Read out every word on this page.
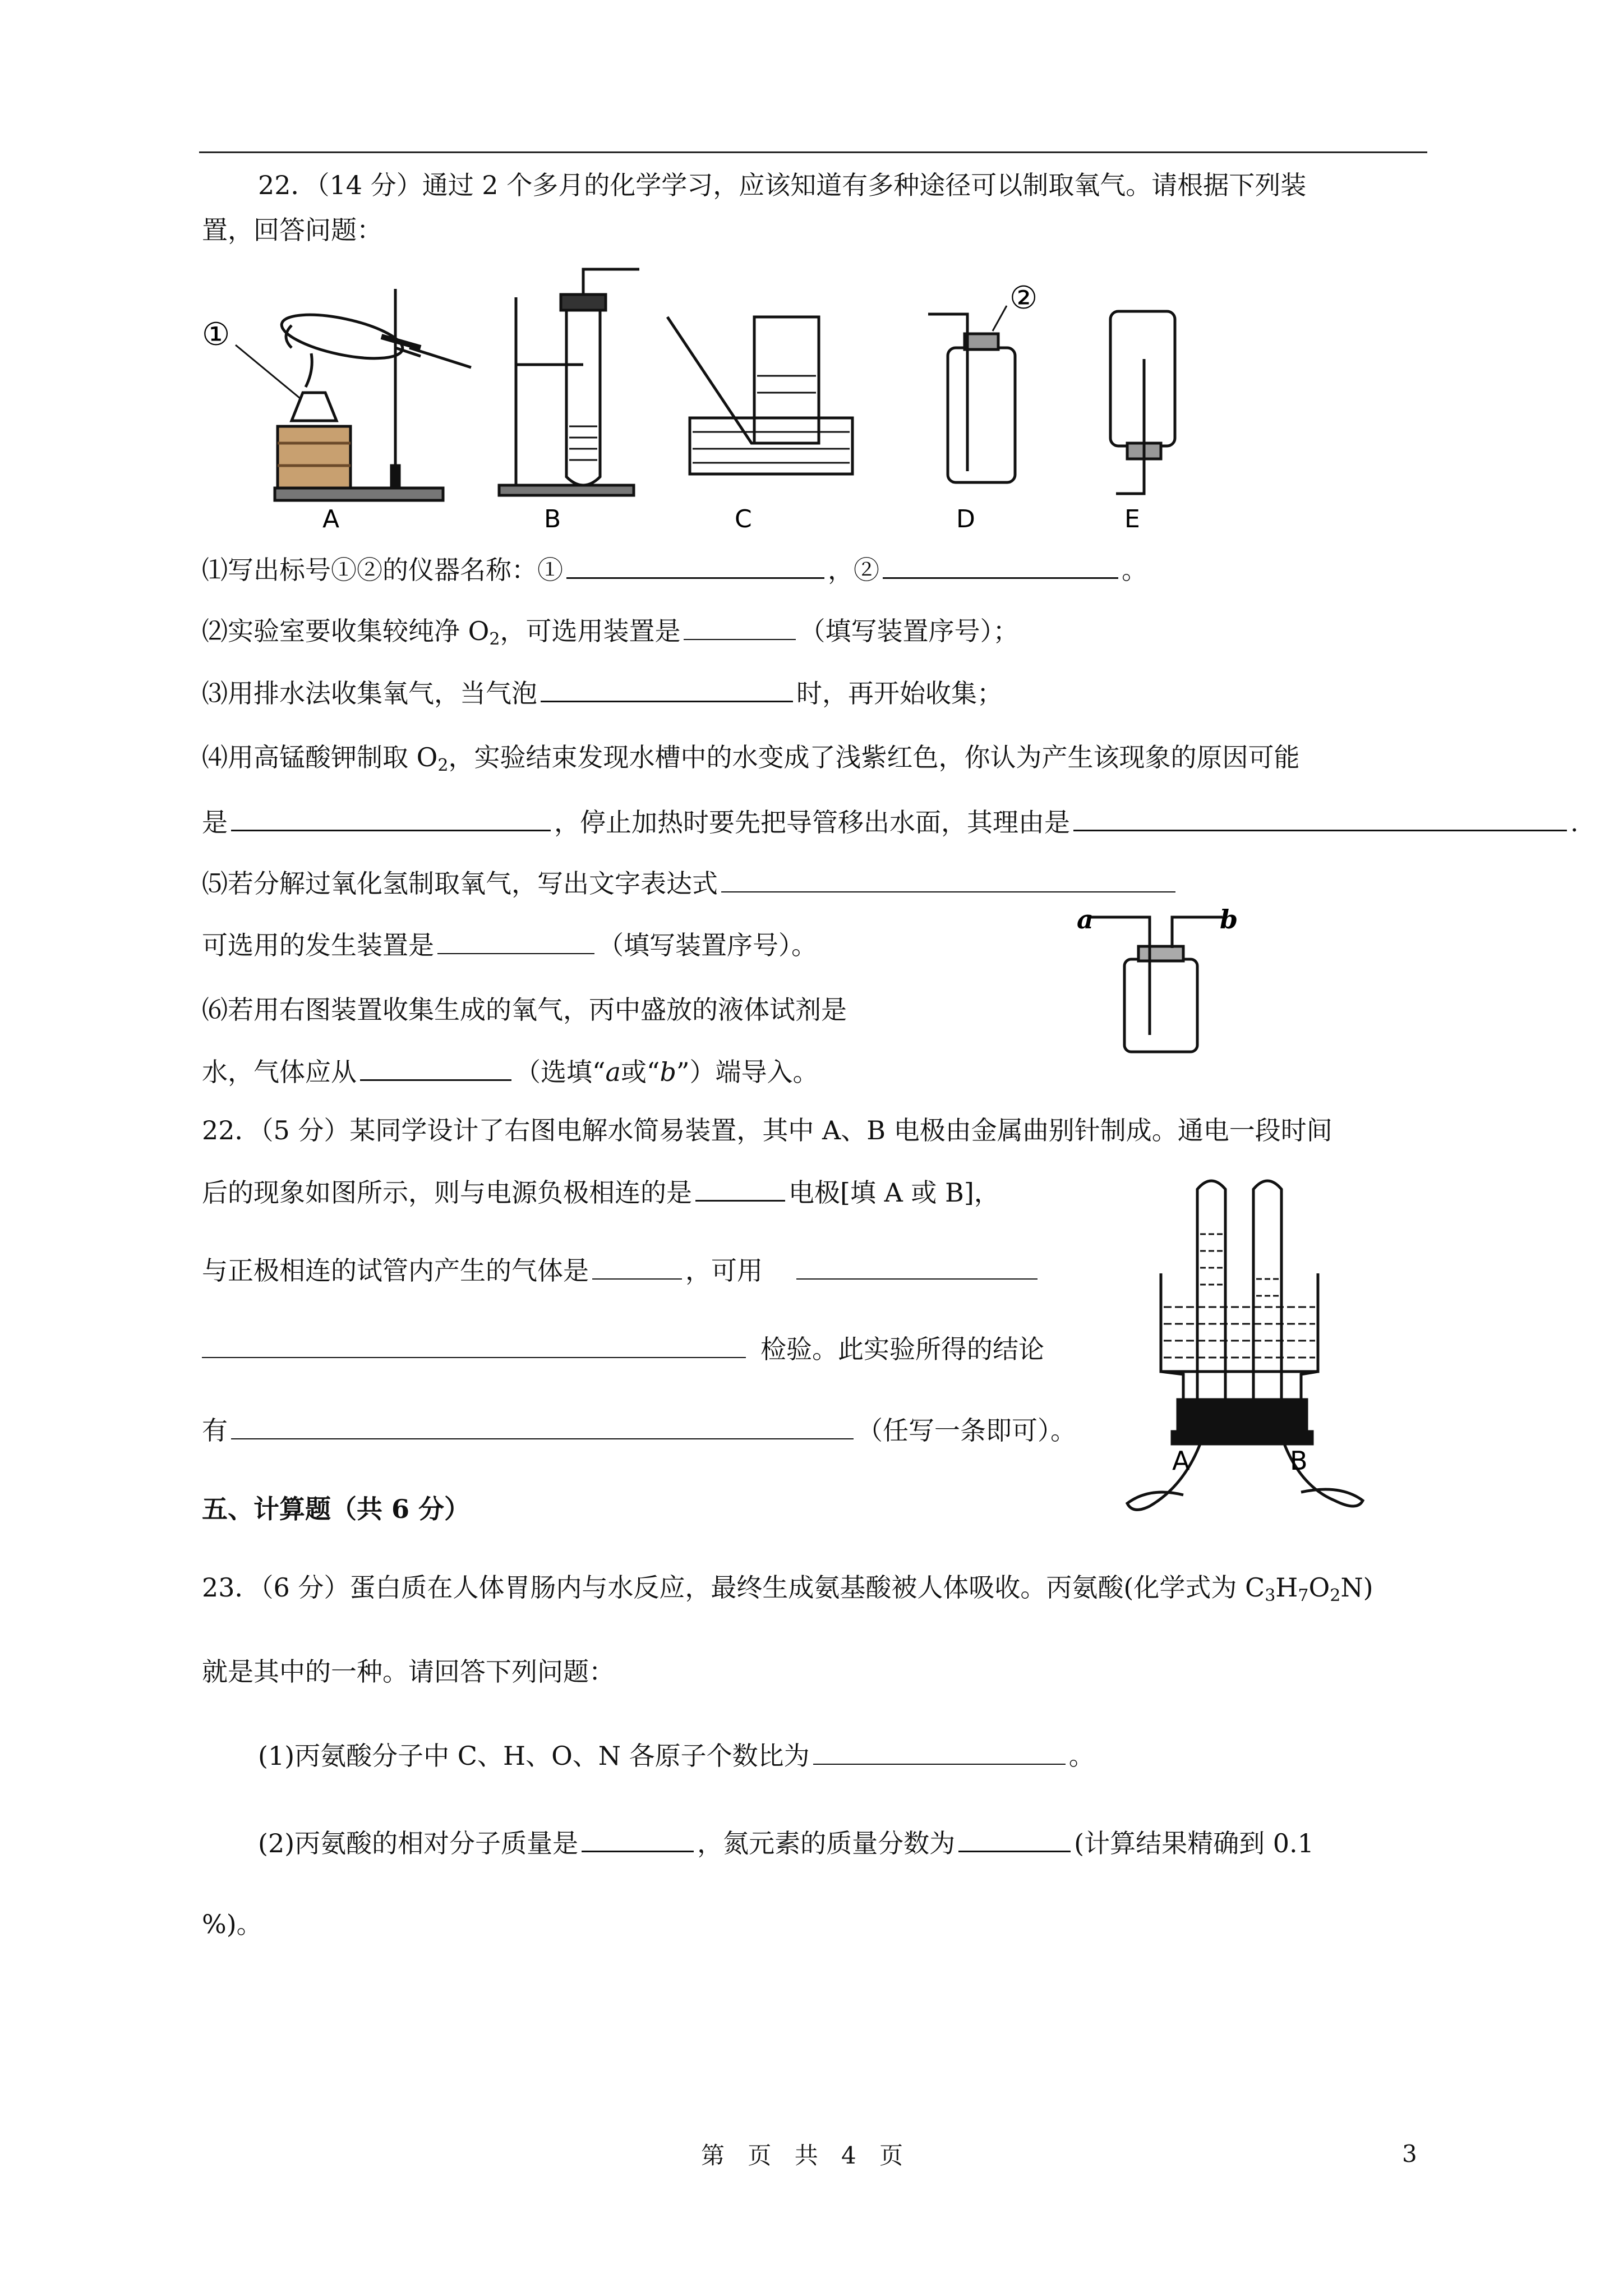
22．（14 分）通过 2 个多月的化学学习，应该知道有多种途径可以制取氧气。请根据下列装
置，回答问题：
①
②
A	B	C	D	E
⑴写出标号①②的仪器名称：①	，②	。
⑵实验室要收集较纯净 $O_2$，可选用装置是	（填写装置序号）；
⑶用排水法收集氧气，当气泡	时，再开始收集；
⑷用高锰酸钾制取 $O_2$，实验结束发现水槽中的水变成了浅紫红色，你认为产生该现象的原因可能
是	，停止加热时要先把导管移出水面，其理由是	.
⑸若分解过氧化氢制取氧气，写出文字表达式
可选用的发生装置是	（填写装置序号）。
a	b
⑹若用右图装置收集生成的氧气，丙中盛放的液体试剂是
水，气体应从	（选填“a或“b”）端导入。
22．（5 分）某同学设计了右图电解水简易装置，其中 A、B 电极由金属曲别针制成。通电一段时间
后的现象如图所示，则与电源负极相连的是	电极[填 A 或 B]，
与正极相连的试管内产生的气体是	，可用
检验。此实验所得的结论
有	（任写一条即可）。
A	B
五、计算题（共 6 分）
23．（6 分）蛋白质在人体胃肠内与水反应，最终生成氨基酸被人体吸收。丙氨酸(化学式为 $C_3H_7O_2N$)
就是其中的一种。请回答下列问题：
(1)丙氨酸分子中 C、H、O、N 各原子个数比为	。
(2)丙氨酸的相对分子质量是	，氮元素的质量分数为	(计算结果精确到 0.1
%)。
第 页 共 4 页	3
